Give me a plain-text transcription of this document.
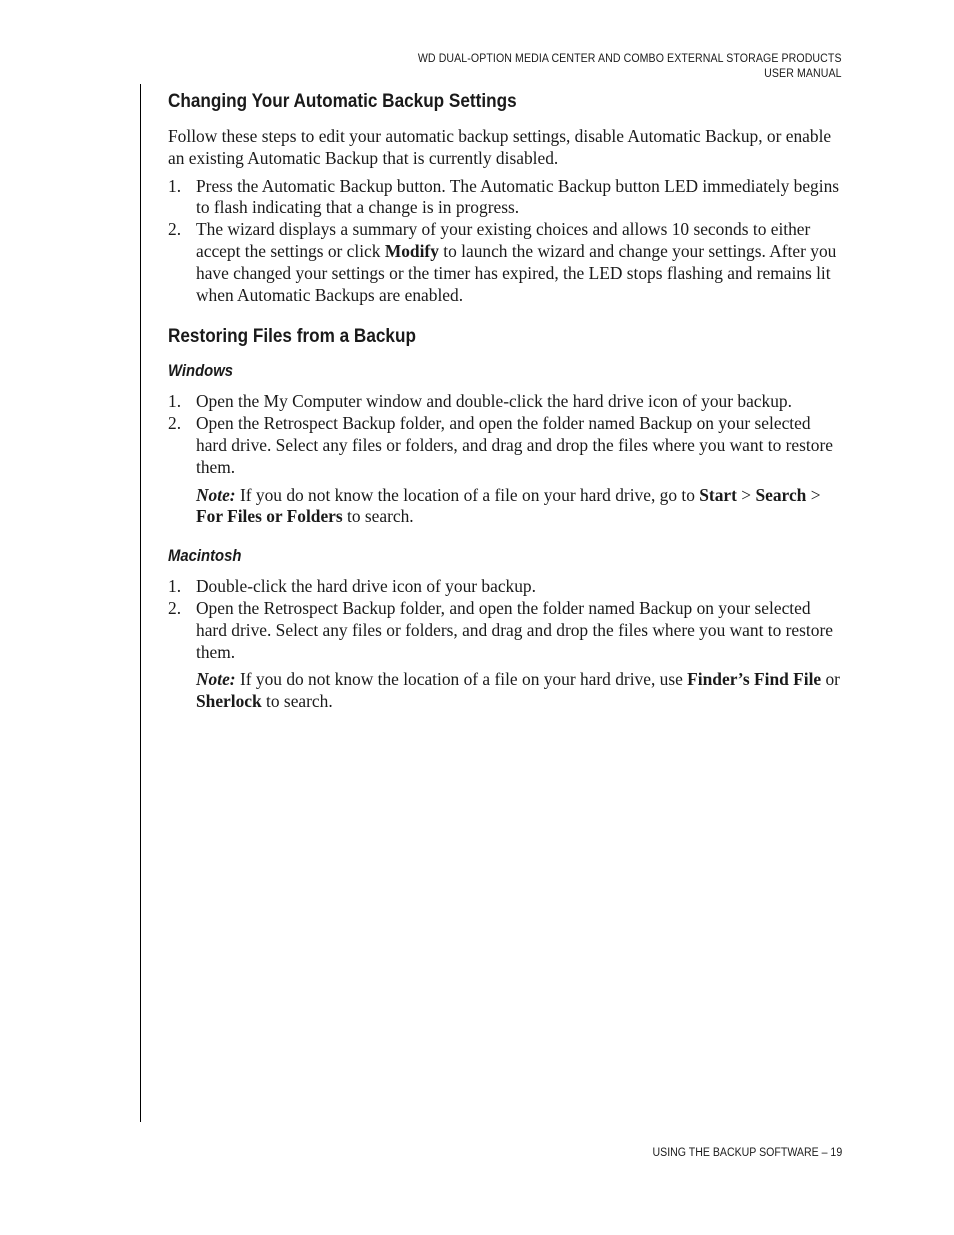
WD DUAL-OPTION MEDIA CENTER AND COMBO EXTERNAL STORAGE PRODUCTS
USER MANUAL
Changing Your Automatic Backup Settings

Follow these steps to edit your automatic backup settings, disable Automatic Backup, or enable an existing Automatic Backup that is currently disabled.

1. Press the Automatic Backup button. The Automatic Backup button LED immediately begins to flash indicating that a change is in progress.
2. The wizard displays a summary of your existing choices and allows 10 seconds to either accept the settings or click Modify to launch the wizard and change your settings. After you have changed your settings or the timer has expired, the LED stops flashing and remains lit when Automatic Backups are enabled.
Restoring Files from a Backup
Windows
1. Open the My Computer window and double-click the hard drive icon of your backup.
2. Open the Retrospect Backup folder, and open the folder named Backup on your selected hard drive. Select any files or folders, and drag and drop the files where you want to restore them.

Note: If you do not know the location of a file on your hard drive, go to Start > Search > For Files or Folders to search.

Macintosh
1. Double-click the hard drive icon of your backup.
2. Open the Retrospect Backup folder, and open the folder named Backup on your selected hard drive. Select any files or folders, and drag and drop the files where you want to restore them.

Note: If you do not know the location of a file on your hard drive, use Finder’s Find File or Sherlock to search.

USING THE BACKUP SOFTWARE – 19
